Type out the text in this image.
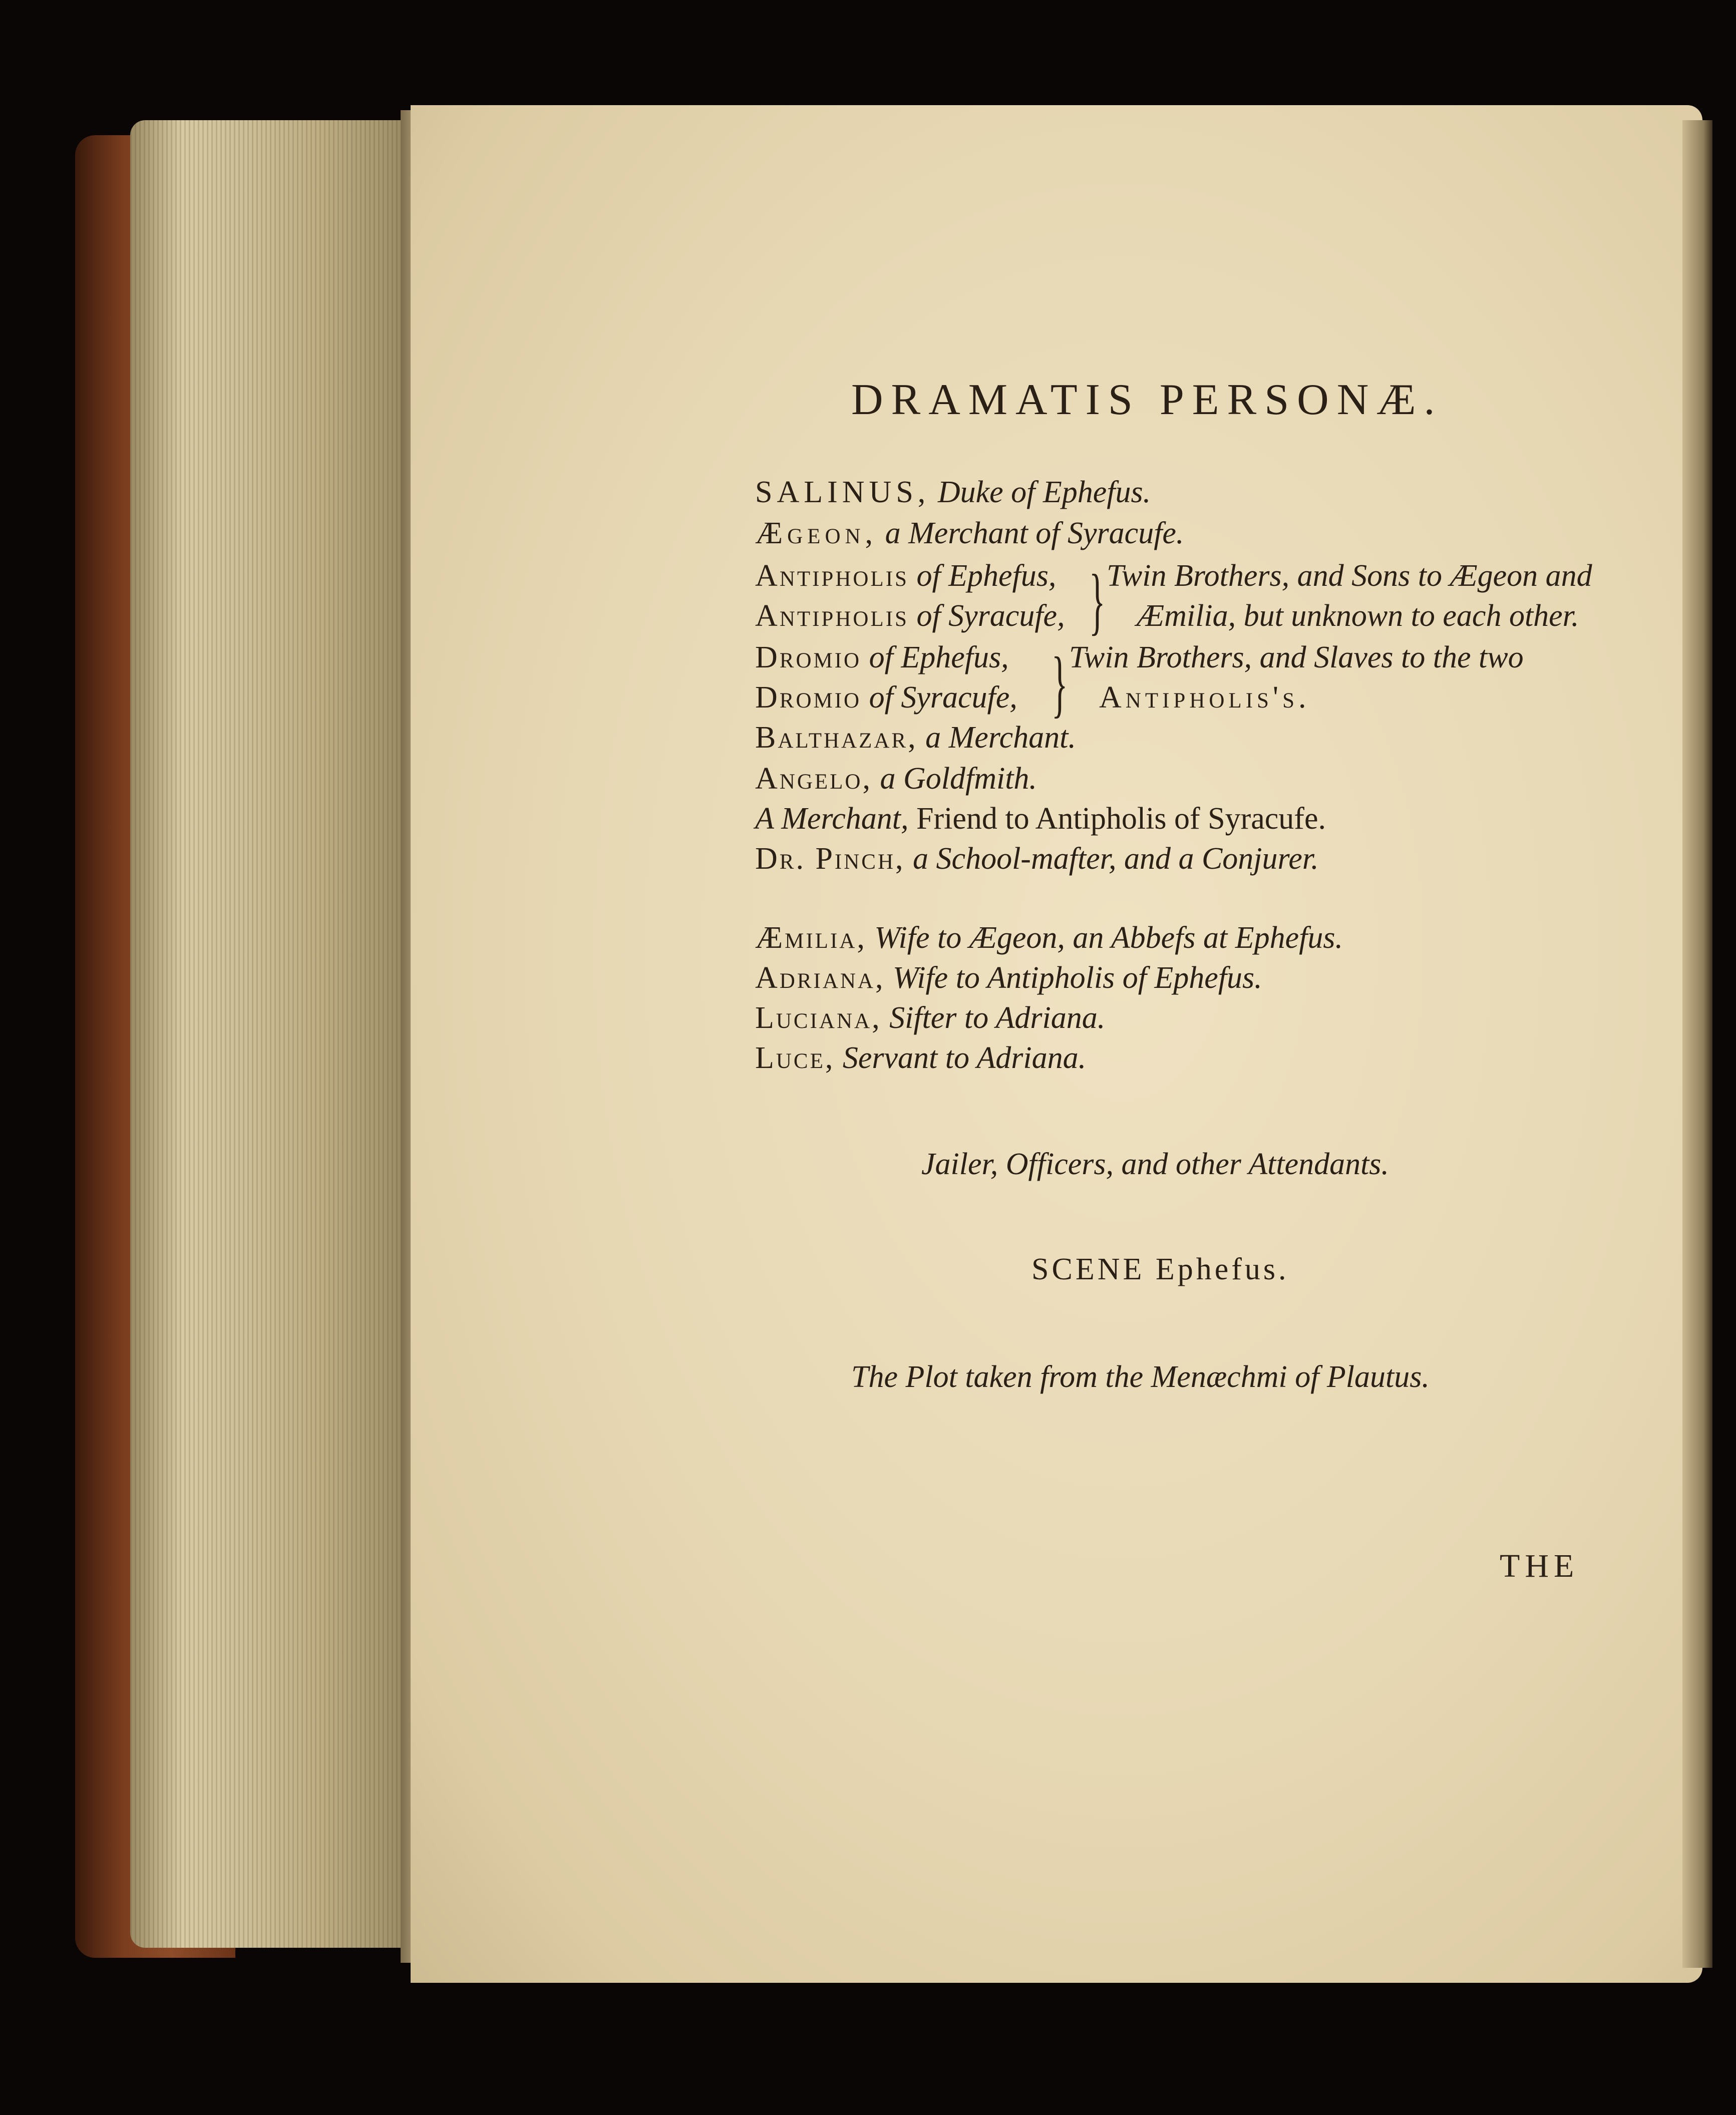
DRAMATIS PERSONÆ.
SALINUS, Duke of Ephefus.
Ægeon, a Merchant of Syracufe.
Antipholis of Ephefus,
Antipholis of Syracufe, } Twin Brothers, and Sons to Ægeon and
Æmilia, but unknown to each other.
Dromio of Ephefus,
Dromio of Syracufe, } Twin Brothers, and Slaves to the two
Antipholis's.
Balthazar, a Merchant.
Angelo, a Goldfmith.
A Merchant, Friend to Antipholis of Syracufe.
Dr. Pinch, a School-mafter, and a Conjurer.
Æmilia, Wife to Ægeon, an Abbefs at Ephefus.
Adriana, Wife to Antipholis of Ephefus.
Luciana, Sifter to Adriana.
Luce, Servant to Adriana.
Jailer, Officers, and other Attendants.
SCENE Ephefus.
The Plot taken from the Menæchmi of Plautus.
THE
